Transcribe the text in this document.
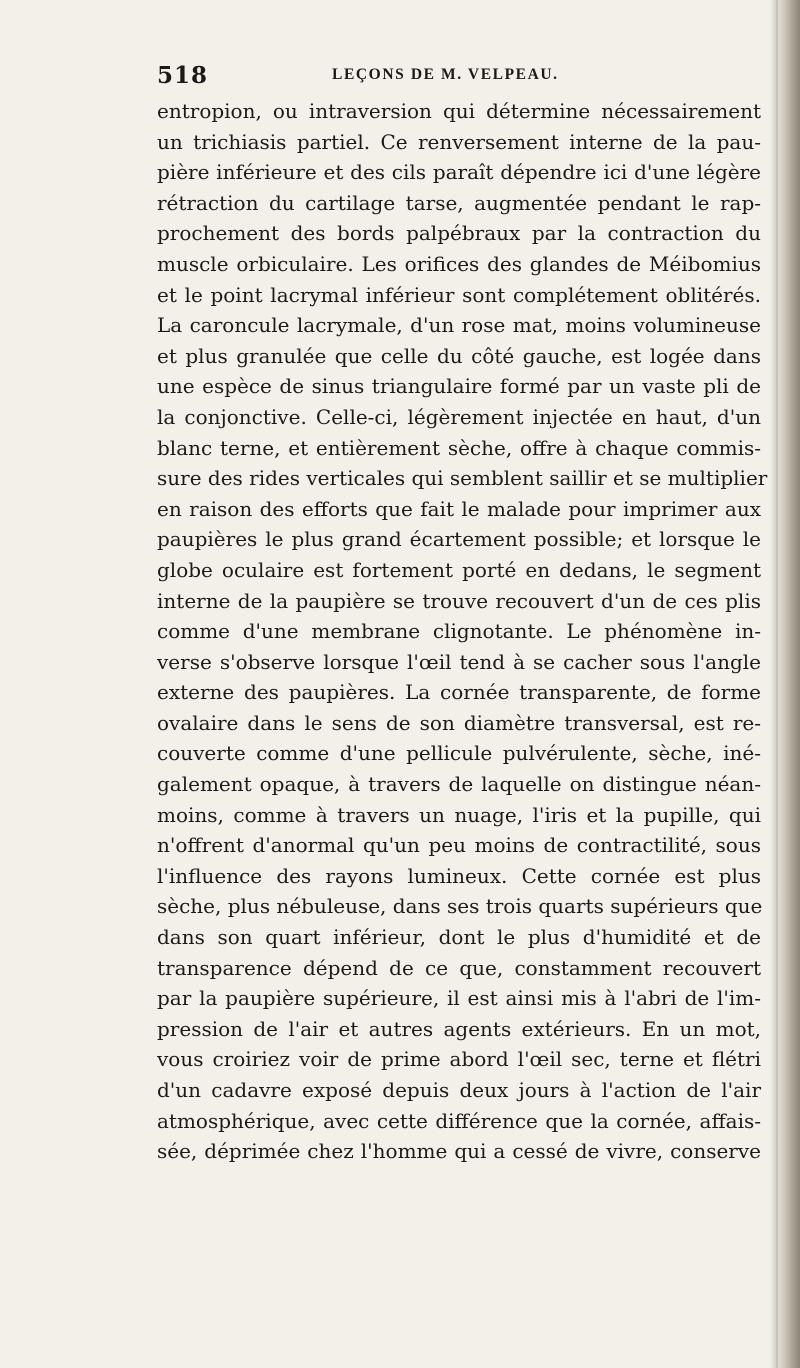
518	LEÇONS DE M. VELPEAU.
entropion, ou intraversion qui détermine nécessairement
un trichiasis partiel. Ce renversement interne de la pau-
pière inférieure et des cils paraît dépendre ici d'une légère
rétraction du cartilage tarse, augmentée pendant le rap-
prochement des bords palpébraux par la contraction du
muscle orbiculaire. Les orifices des glandes de Méibomius
et le point lacrymal inférieur sont complétement oblitérés.
La caroncule lacrymale, d'un rose mat, moins volumineuse
et plus granulée que celle du côté gauche, est logée dans
une espèce de sinus triangulaire formé par un vaste pli de
la conjonctive. Celle-ci, légèrement injectée en haut, d'un
blanc terne, et entièrement sèche, offre à chaque commis-
sure des rides verticales qui semblent saillir et se multiplier
en raison des efforts que fait le malade pour imprimer aux
paupières le plus grand écartement possible; et lorsque le
globe oculaire est fortement porté en dedans, le segment
interne de la paupière se trouve recouvert d'un de ces plis
comme d'une membrane clignotante. Le phénomène in-
verse s'observe lorsque l'œil tend à se cacher sous l'angle
externe des paupières. La cornée transparente, de forme
ovalaire dans le sens de son diamètre transversal, est re-
couverte comme d'une pellicule pulvérulente, sèche, iné-
galement opaque, à travers de laquelle on distingue néan-
moins, comme à travers un nuage, l'iris et la pupille, qui
n'offrent d'anormal qu'un peu moins de contractilité, sous
l'influence des rayons lumineux. Cette cornée est plus
sèche, plus nébuleuse, dans ses trois quarts supérieurs que
dans son quart inférieur, dont le plus d'humidité et de
transparence dépend de ce que, constamment recouvert
par la paupière supérieure, il est ainsi mis à l'abri de l'im-
pression de l'air et autres agents extérieurs. En un mot,
vous croiriez voir de prime abord l'œil sec, terne et flétri
d'un cadavre exposé depuis deux jours à l'action de l'air
atmosphérique, avec cette différence que la cornée, affais-
sée, déprimée chez l'homme qui a cessé de vivre, conserve
